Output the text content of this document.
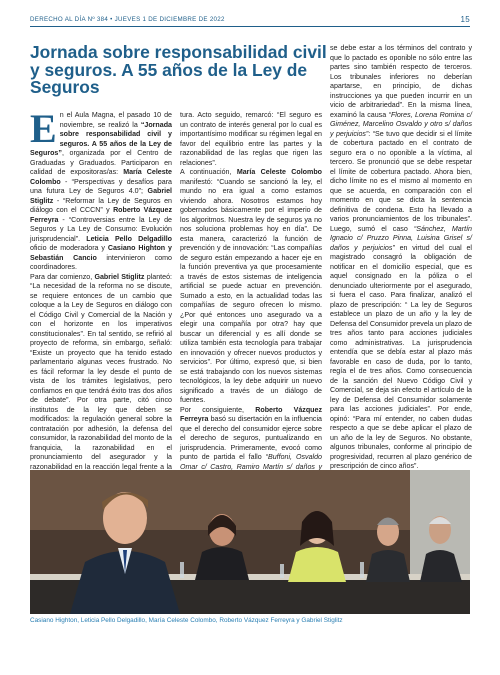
DERECHO AL DÍA Nº 384 • JUEVES 1 DE DICIEMBRE DE 2022	15
Jornada sobre responsabilidad civil y seguros. A 55 años de la Ley de Seguros

En el Aula Magna, el pasado 10 de noviembre, se realizó la “Jornada sobre responsabilidad civil y seguros. A 55 años de la Ley de Seguros”, organizada por el Centro de Graduadas y Graduados. Participaron en calidad de expositoras/as: María Celeste Colombo - “Perspectivas y desafíos para una futura Ley de Seguros 4.0”; Gabriel Stiglitz - “Reformar la Ley de Seguros en diálogo con el CCCN” y Roberto Vázquez Ferreyra - “Controversias entre la Ley de Seguros y La Ley de Consumo: Evolución jurisprudencial”. Leticia Pello Delgadillo oficio de moderadora y Casiano Highton y Sebastián Cancio intervinieron como coordinadores.

Para dar comienzo, Gabriel Stiglitz planteó: “La necesidad de la reforma no se discute, se requiere entonces de un cambio que coloque a la Ley de Seguros en diálogo con el Código Civil y Comercial de la Nación y con el horizonte en los imperativos constitucionales”. En tal sentido, se refirió al proyecto de reforma, sin embargo, señaló: “Existe un proyecto que ha tenido estado parlamentario algunas veces frustrado. No es fácil reformar la ley desde el punto de vista de los trámites legislativos, pero confiamos en que tendrá éxito tras dos años de debate”. Por otra parte, citó cinco institutos de la ley que deben se modificados: la regulación general sobre la contratación por adhesión, la defensa del consumidor, la razonabilidad del monto de la franquicia, la razonabilidad en el pronunciamiento del asegurador y la razonabilidad en la reacción legal frente a la

tura. Acto seguido, remarcó: “El seguro es un contrato de interés general por lo cual es importantísimo modificar su régimen legal en favor del equilibrio entre las partes y la razonabilidad de las reglas que rigen las relaciones”.

A continuación, María Celeste Colombo manifestó: “Cuando se sancionó la ley, el mundo no era igual a como estamos viviendo ahora. Nosotros estamos hoy gobernados básicamente por el imperio de los algoritmos. Nuestra ley de seguros ya no nos soluciona problemas hoy en día”. De esta manera, caracterizó la función de prevención y de innovación: “Las compañías de seguro están empezando a hacer eje en la función preventiva ya que procesamiente a través de estos sistemas de inteligencia artificial se puede actuar en prevención. Sumado a esto, en la actualidad todas las compañías de seguro ofrecen lo mismo. ¿Por qué entonces uno asegurado va a elegir una compañía por otra? hay que buscar un diferencial y es allí donde se utiliza también esta tecnología para trabajar en innovación y ofrecer nuevos productos y servicios”. Por último, expresó que, si bien se está trabajando con los nuevos sistemas tecnológicos, la ley debe adquirir un nuevo significado a través de un diálogo de fuentes.

Por consiguiente, Roberto Vázquez Ferreyra basó su disertación en la influencia que el derecho del consumidor ejerce sobre el derecho de seguros, puntualizando en jurisprudencia. Primeramente, evocó como punto de partida el fallo “Buffoni, Osvaldo Omar c/ Castro, Ramiro Martín s/ daños y

se debe estar a los términos del contrato y que lo pactado es oponible no sólo entre las partes sino también respecto de terceros. Los tribunales inferiores no deberían apartarse, en principio, de dichas instrucciones ya que pueden incurrir en un vicio de arbitrariedad”. En la misma línea, examinó la causa “Flores, Lorena Romina c/ Giménez, Marcelino Osvaldo y otro s/ daños y perjuicios”: “Se tuvo que decidir si el límite de cobertura pactado en el contrato de seguro era o no oponible a la víctima, al tercero. Se pronunció que se debe respetar el límite de cobertura pactado. Ahora bien, dicho límite no es el mismo al momento en que se acuerda, en comparación con el momento en que se dicta la sentencia definitiva de condena. Esto ha llevado a varios pronunciamientos de los tribunales”. Luego, sumó el caso “Sánchez, Martín Ignacio c/ Pruzzo Pinna, Luisina Grisel s/ daños y perjuicios” en virtud del cual el magistrado consagró la obligación de notificar en el domicilio especial, que es aquel consignado en la póliza o el denunciado ulteriormente por el asegurado, si fuera el caso. Para finalizar, analizó el plazo de prescripción: “ La ley de Seguros establece un plazo de un año y la ley de Defensa del Consumidor prevela un plazo de tres años tanto para acciones judiciales como administrativas. La jurisprudencia entendía que se debía estar al plazo más favorable en caso de duda, por lo tanto, regía el de tres años. Como consecuencia de la sanción del Nuevo Código Civil y Comercial, se deja sin efecto el artículo de la ley de Defensa del Consumidor solamente para las acciones judiciales”. Por ende, opinó: “Para mí entender, no caben dudas respecto a que se debe aplicar el plazo de un año de la ley de Seguros. No obstante, algunos tribunales, conforme al principio de progresividad, recurren al plazo genérico de prescripción de cinco años”.

Casiano Highton, Leticia Pello Delgadillo, María Celeste Colombo, Roberto Vázquez Ferreyra y Gabriel Stiglitz
